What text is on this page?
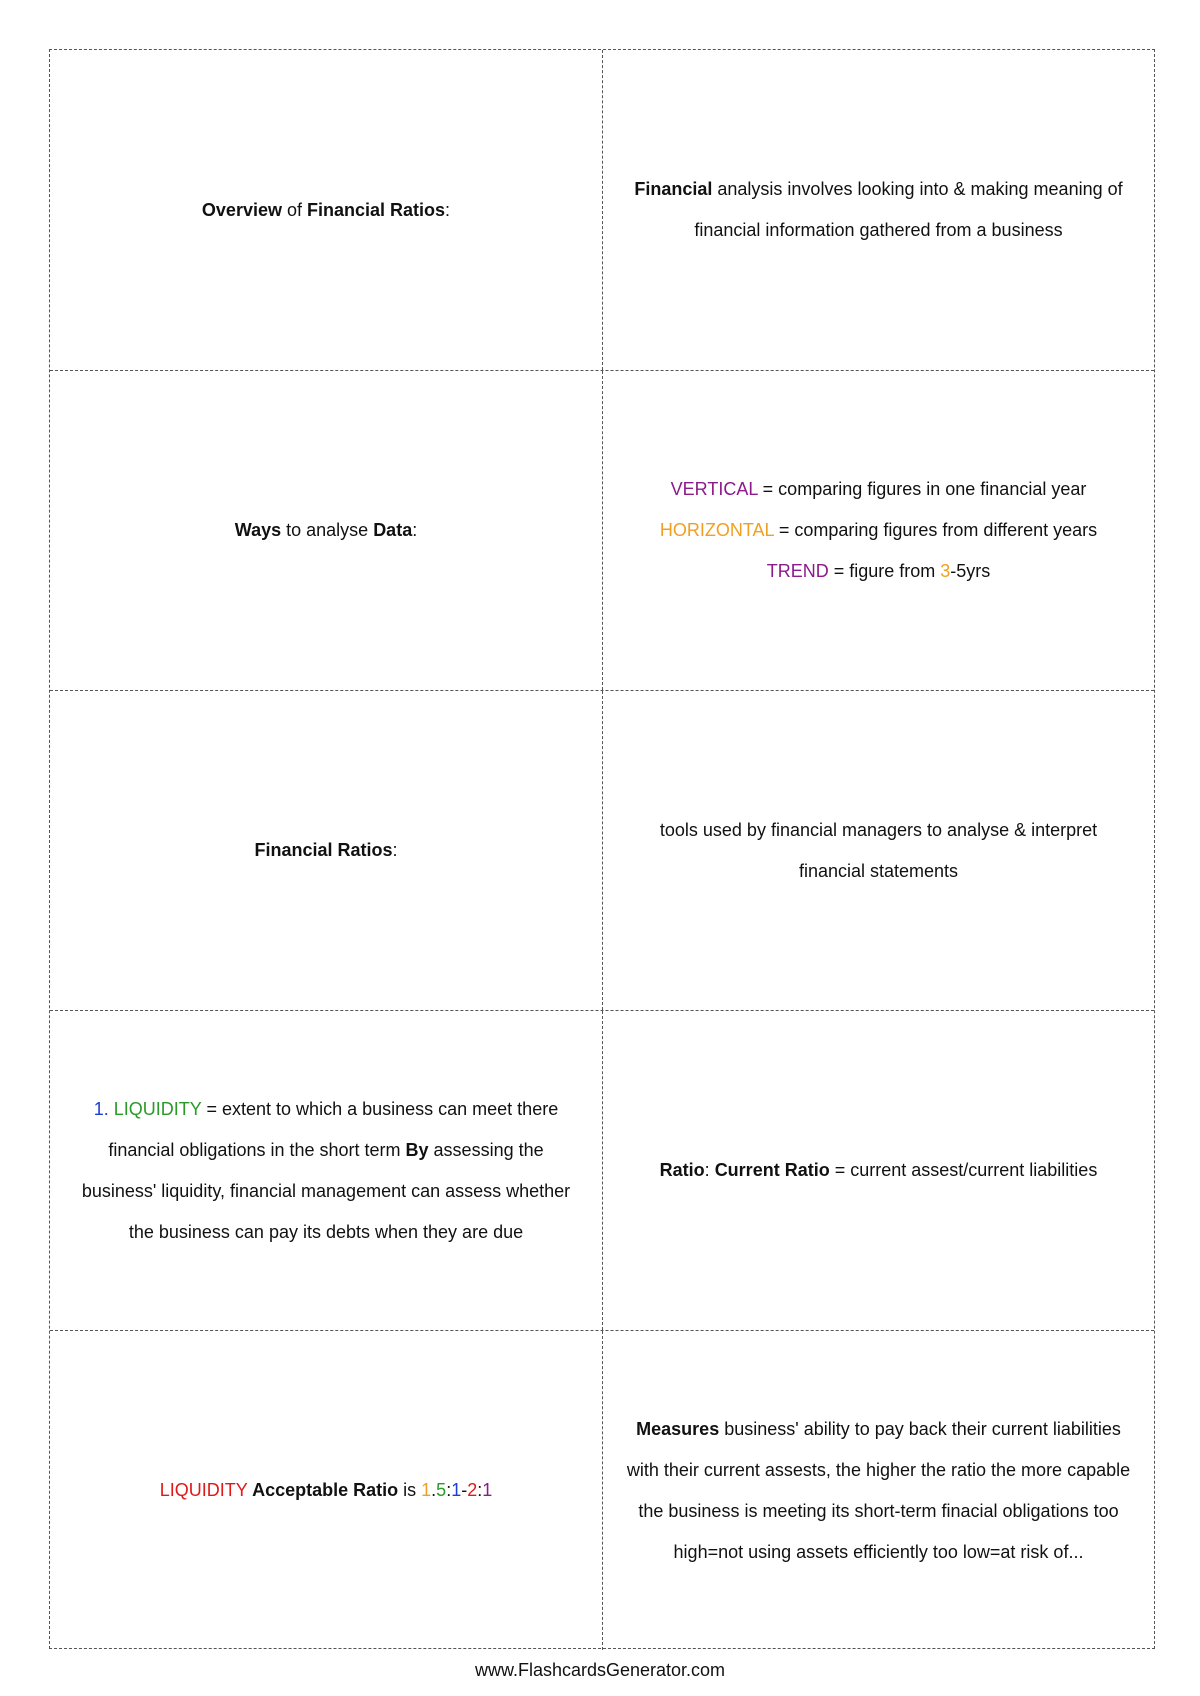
Overview of Financial Ratios:

Financial analysis involves looking into & making meaning of financial information gathered from a business

Ways to analyse Data:

VERTICAL = comparing figures in one financial year
HORIZONTAL = comparing figures from different years
TREND = figure from 3-5yrs

Financial Ratios:

tools used by financial managers to analyse & interpret financial statements

1. LIQUIDITY = extent to which a business can meet there financial obligations in the short term By assessing the business' liquidity, financial management can assess whether the business can pay its debts when they are due

Ratio: Current Ratio = current assest/current liabilities

LIQUIDITY Acceptable Ratio is 1.5:1-2:1

Measures business' ability to pay back their current liabilities with their current assests, the higher the ratio the more capable the business is meeting its short-term finacial obligations too high=not using assets efficiently too low=at risk of...

www.FlashcardsGenerator.com
